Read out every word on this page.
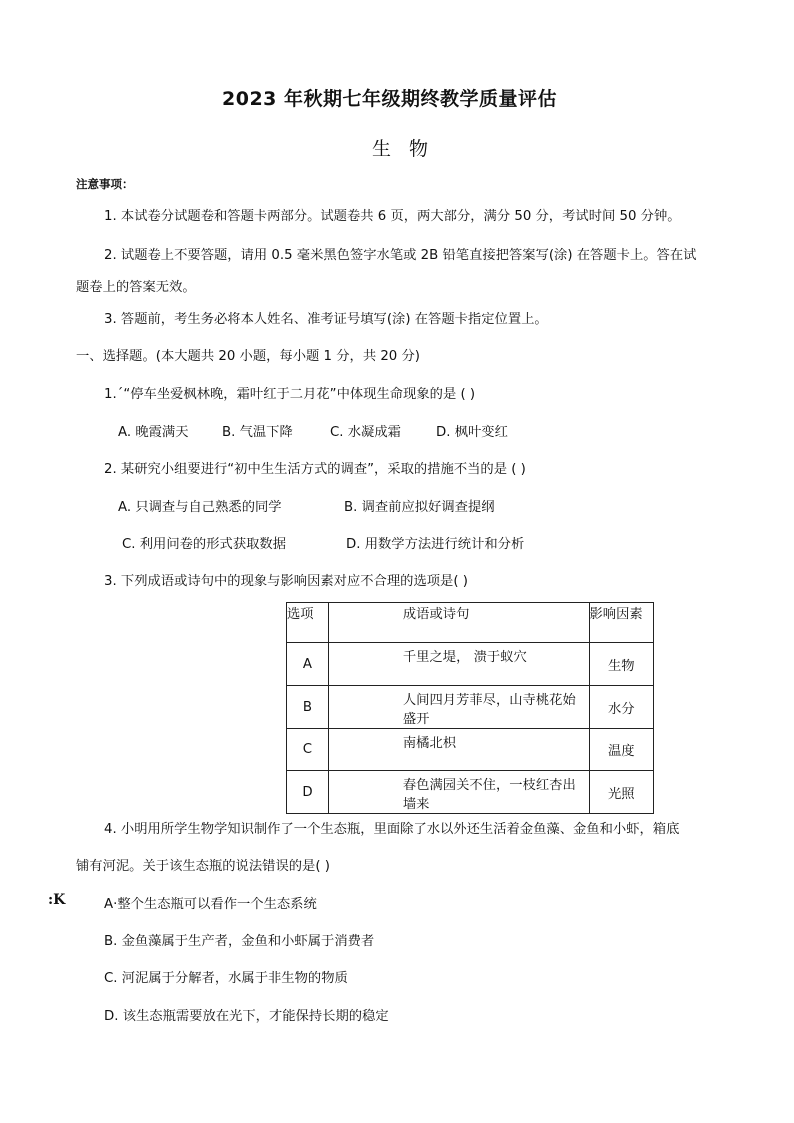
2023 年秋期七年级期终教学质量评估
生 物
注意事项：
1. 本试卷分试题卷和答题卡两部分。试题卷共 6 页，两大部分，满分 50 分，考试时间 50 分钟。
2. 试题卷上不要答题，请用 0.5 毫米黑色签字水笔或 2B 铅笔直接把答案写(涂) 在答题卡上。答在试
题卷上的答案无效。
3. 答题前，考生务必将本人姓名、准考证号填写(涂) 在答题卡指定位置上。
一、选择题。(本大题共 20 小题，每小题 1 分，共 20 分)
1.´“停车坐爱枫林晚，霜叶红于二月花”中体现生命现象的是 ( )
A. 晚霞满天	B. 气温下降	C. 水凝成霜	D. 枫叶变红
2. 某研究小组要进行“初中生生活方式的调查”，采取的措施不当的是 ( )
A. 只调查与自己熟悉的同学	B. 调查前应拟好调查提纲
C. 利用问卷的形式获取数据	D. 用数学方法进行统计和分析
3. 下列成语或诗句中的现象与影响因素对应不合理的选项是( )
选项	成语或诗句	影响因素
A	千里之堤， 溃于蚁穴	生物
B	人间四月芳菲尽，山寺桃花始盛开	水分
C	南橘北枳	温度
D	春色满园关不住，一枝红杏出墙来	光照
4. 小明用所学生物学知识制作了一个生态瓶，里面除了水以外还生活着金鱼藻、金鱼和小虾，箱底
铺有河泥。关于该生态瓶的说法错误的是( )
:K	A·整个生态瓶可以看作一个生态系统
B. 金鱼藻属于生产者，金鱼和小虾属于消费者
C. 河泥属于分解者，水属于非生物的物质
D. 该生态瓶需要放在光下，才能保持长期的稳定
